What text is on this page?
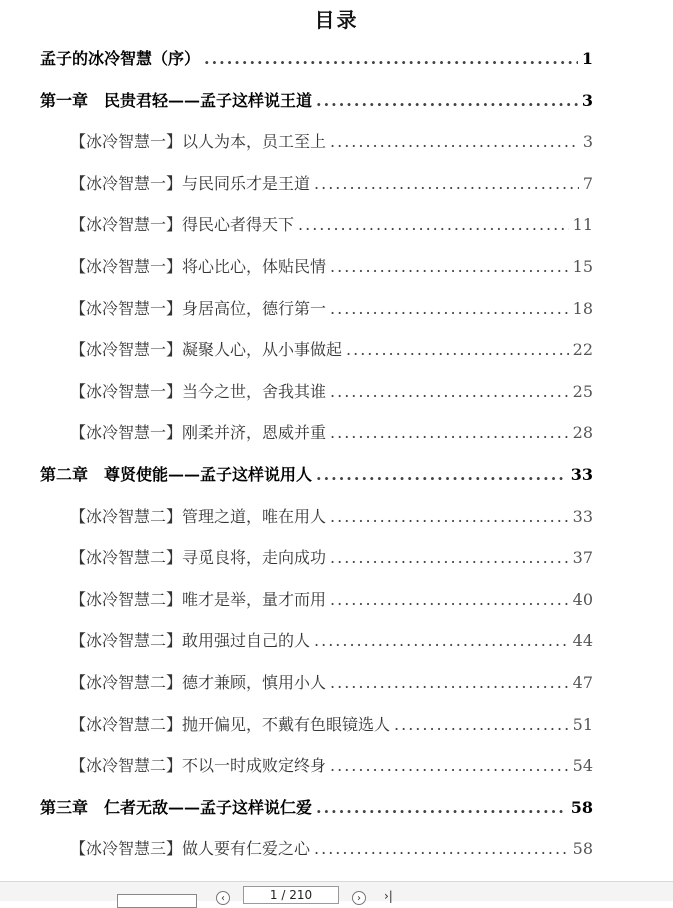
目录
孟子的冰冷智慧（序） .....	1
第一章　民贵君轻——孟子这样说王道 .....	3
【冰冷智慧一】以人为本，员工至上 .....	3
【冰冷智慧一】与民同乐才是王道 .....	7
【冰冷智慧一】得民心者得天下 .....	11
【冰冷智慧一】将心比心，体贴民情 .....	15
【冰冷智慧一】身居高位，德行第一 .....	18
【冰冷智慧一】凝聚人心，从小事做起 .....	22
【冰冷智慧一】当今之世，舍我其谁 .....	25
【冰冷智慧一】刚柔并济，恩威并重 .....	28
第二章　尊贤使能——孟子这样说用人 .....	33
【冰冷智慧二】管理之道，唯在用人 .....	33
【冰冷智慧二】寻觅良将，走向成功 .....	37
【冰冷智慧二】唯才是举，量才而用 .....	40
【冰冷智慧二】敢用强过自己的人 .....	44
【冰冷智慧二】德才兼顾，慎用小人 .....	47
【冰冷智慧二】抛开偏见，不戴有色眼镜选人 .....	51
【冰冷智慧二】不以一时成败定终身 .....	54
第三章　仁者无敌——孟子这样说仁爱 .....	58
【冰冷智慧三】做人要有仁爱之心 .....	58
‹	1 / 210	›	›|
